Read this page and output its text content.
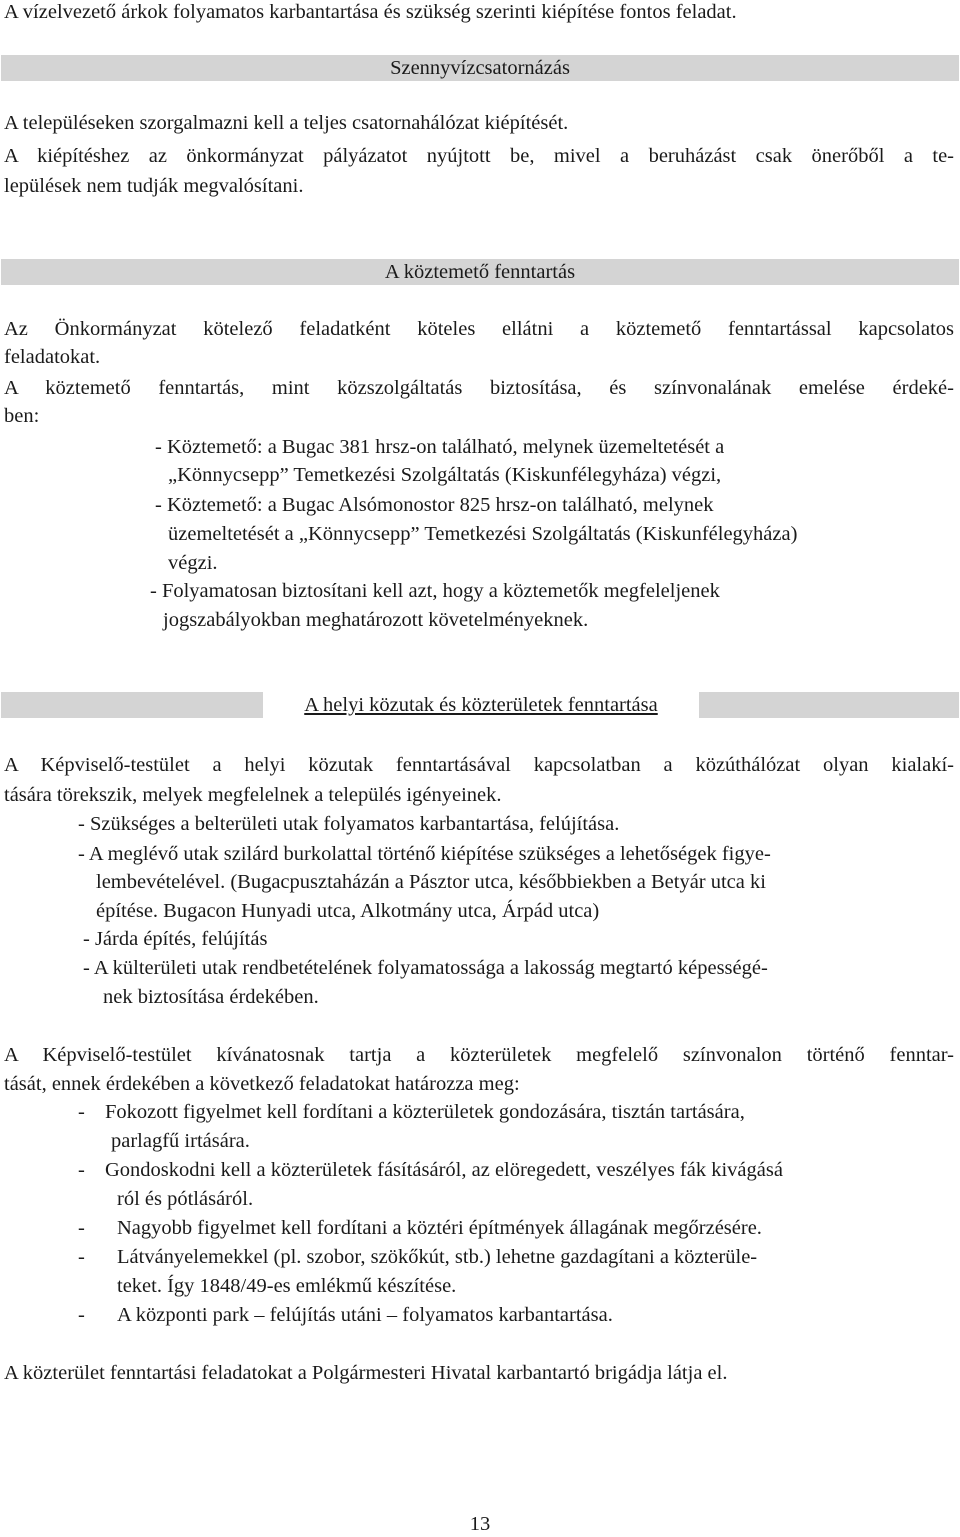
A vízelvezető árkok folyamatos karbantartása és szükség szerinti kiépítése fontos feladat.
Szennyvízcsatornázás
A településeken szorgalmazni kell a teljes csatornahálózat kiépítését.
A kiépítéshez az önkormányzat pályázatot nyújtott be, mivel a beruházást csak önerőből a te-
lepülések nem tudják megvalósítani.
A köztemető fenntartás
Az Önkormányzat kötelező feladatként köteles ellátni a köztemető fenntartással kapcsolatos
feladatokat.
A köztemető fenntartás, mint közszolgáltatás biztosítása, és színvonalának emelése érdeké-
ben:
- Köztemető: a Bugac 381 hrsz-on található, melynek üzemeltetését a
„Könnycsepp” Temetkezési Szolgáltatás (Kiskunfélegyháza) végzi,
- Köztemető: a Bugac Alsómonostor 825 hrsz-on található, melynek
üzemeltetését a „Könnycsepp” Temetkezési Szolgáltatás (Kiskunfélegyháza)
végzi.
- Folyamatosan biztosítani kell azt, hogy a köztemetők megfeleljenek
jogszabályokban meghatározott követelményeknek.
A helyi közutak és közterületek fenntartása
A Képviselő-testület a helyi közutak fenntartásával kapcsolatban a közúthálózat olyan kialakí-
tására törekszik, melyek megfelelnek a település igényeinek.
- Szükséges a belterületi utak folyamatos karbantartása, felújítása.
- A meglévő utak szilárd burkolattal történő kiépítése szükséges a lehetőségek figye-
lembevételével. (Bugacpusztaházán a Pásztor utca, későbbiekben a Betyár utca ki
építése. Bugacon Hunyadi utca, Alkotmány utca, Árpád utca)
- Járda építés, felújítás
- A külterületi utak rendbetételének folyamatossága a lakosság megtartó képességé-
nek biztosítása érdekében.
A Képviselő-testület kívánatosnak tartja a közterületek megfelelő színvonalon történő fenntar-
tását, ennek érdekében a következő feladatokat határozza meg:
- Fokozott figyelmet kell fordítani a közterületek gondozására, tisztán tartására,
parlagfű irtására.
- Gondoskodni kell a közterületek fásításáról, az elöregedett, veszélyes fák kivágásá
ról és pótlásáról.
- Nagyobb figyelmet kell fordítani a köztéri építmények állagának megőrzésére.
- Látványelemekkel (pl. szobor, szökőkút, stb.) lehetne gazdagítani a közterüle-
teket. Így 1848/49-es emlékmű készítése.
- A központi park – felújítás utáni – folyamatos karbantartása.
A közterület fenntartási feladatokat a Polgármesteri Hivatal karbantartó brigádja látja el.
13
